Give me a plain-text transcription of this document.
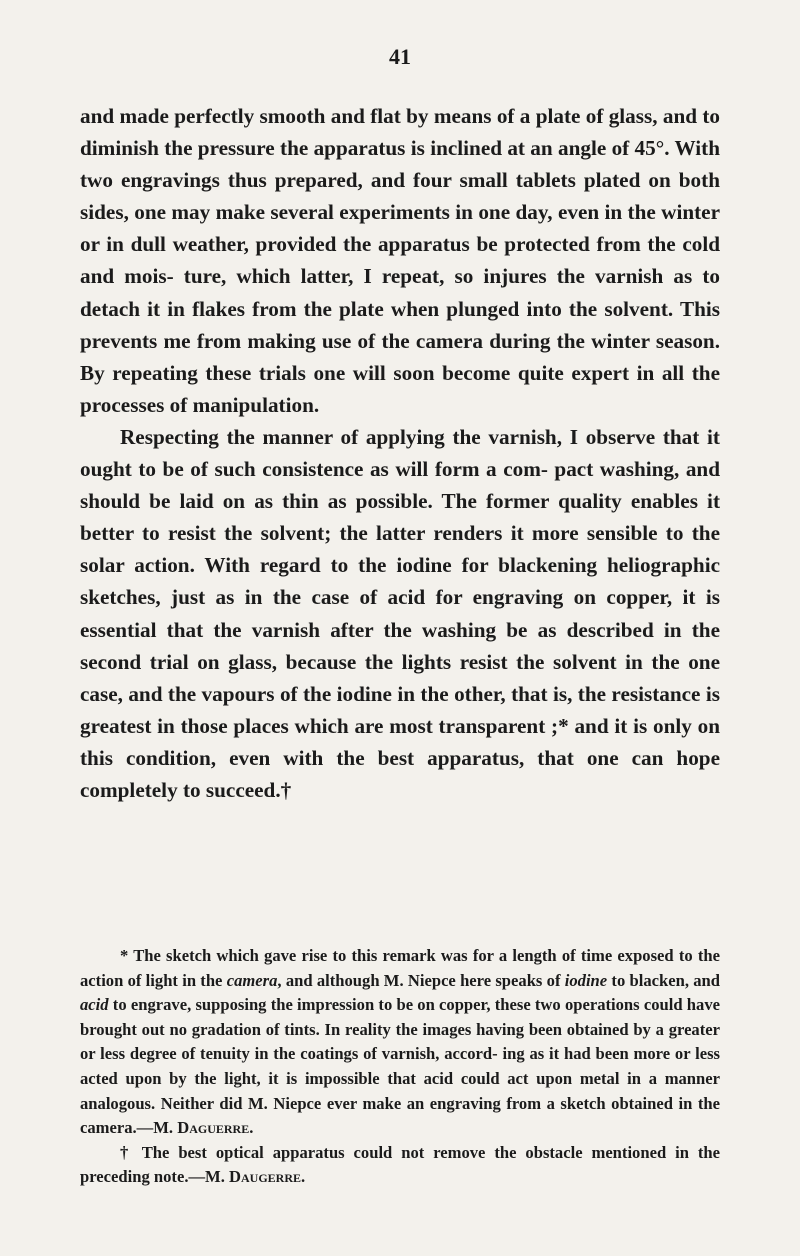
41

and made perfectly smooth and flat by means of a plate of glass, and to diminish the pressure the apparatus is inclined at an angle of 45°. With two engravings thus prepared, and four small tablets plated on both sides, one may make several experiments in one day, even in the winter or in dull weather, provided the apparatus be protected from the cold and mois- ture, which latter, I repeat, so injures the varnish as to detach it in flakes from the plate when plunged into the solvent. This prevents me from making use of the camera during the winter season. By repeating these trials one will soon become quite expert in all the processes of manipulation.

Respecting the manner of applying the varnish, I observe that it ought to be of such consistence as will form a com- pact washing, and should be laid on as thin as possible. The former quality enables it better to resist the solvent; the latter renders it more sensible to the solar action. With regard to the iodine for blackening heliographic sketches, just as in the case of acid for engraving on copper, it is essential that the varnish after the washing be as described in the second trial on glass, because the lights resist the solvent in the one case, and the vapours of the iodine in the other, that is, the resistance is greatest in those places which are most transparent ;* and it is only on this condition, even with the best apparatus, that one can hope completely to succeed.†

* The sketch which gave rise to this remark was for a length of time exposed to the action of light in the camera, and although M. Niepce here speaks of iodine to blacken, and acid to engrave, supposing the impression to be on copper, these two operations could have brought out no gradation of tints. In reality the images having been obtained by a greater or less degree of tenuity in the coatings of varnish, accord- ing as it had been more or less acted upon by the light, it is impossible that acid could act upon metal in a manner analogous. Neither did M. Niepce ever make an engraving from a sketch obtained in the camera.—M. Daguerre.

† The best optical apparatus could not remove the obstacle mentioned in the preceding note.—M. Daugerre.
